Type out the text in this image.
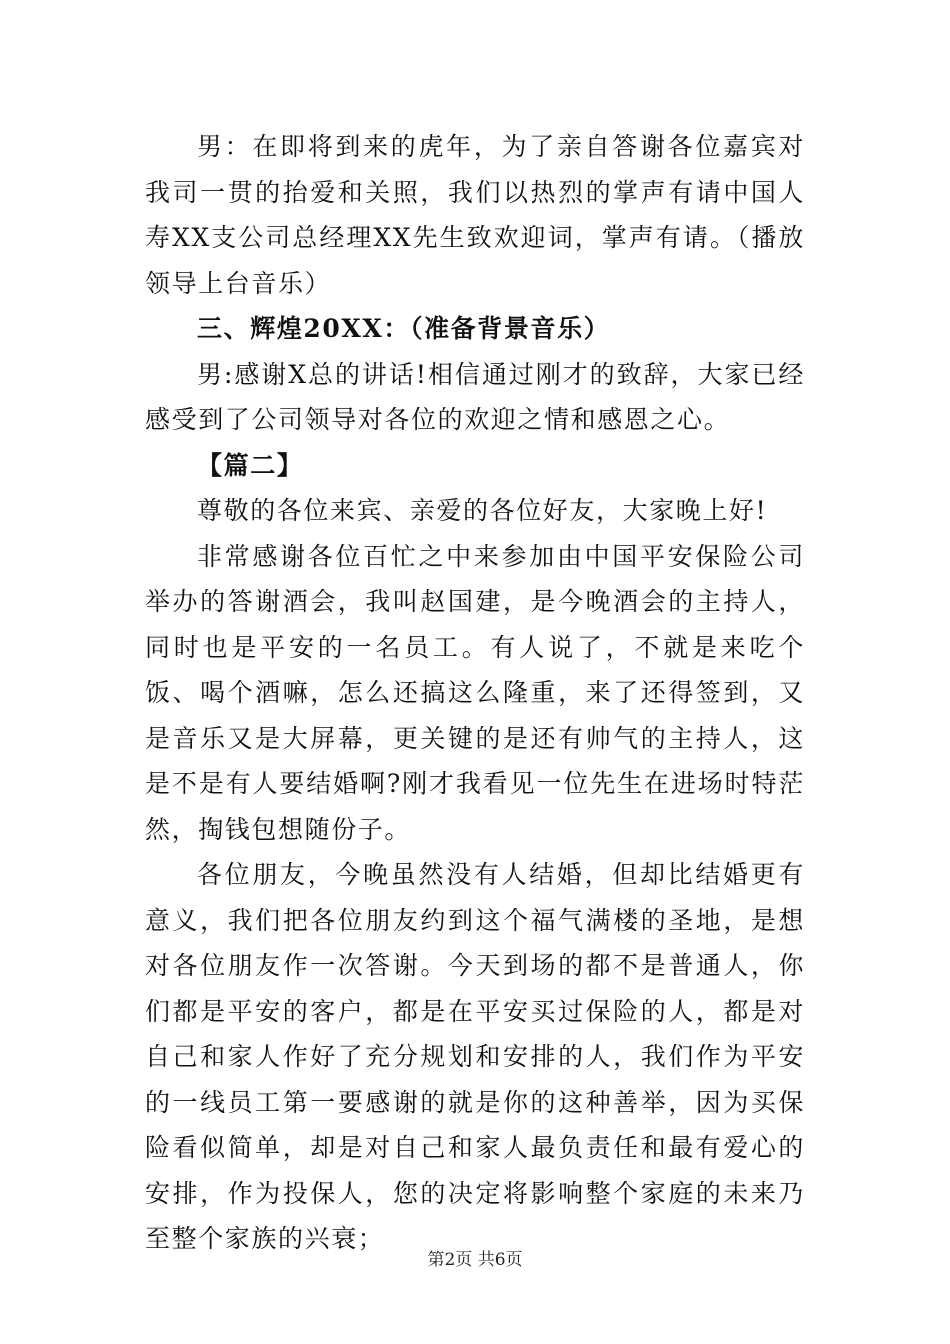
男：在即将到来的虎年，为了亲自答谢各位嘉宾对我司一贯的抬爱和关照，我们以热烈的掌声有请中国人寿XX支公司总经理XX先生致欢迎词，掌声有请。（播放领导上台音乐）

三、辉煌20XX：（准备背景音乐）

男:感谢X总的讲话!相信通过刚才的致辞，大家已经感受到了公司领导对各位的欢迎之情和感恩之心。

【篇二】

尊敬的各位来宾、亲爱的各位好友，大家晚上好!

非常感谢各位百忙之中来参加由中国平安保险公司举办的答谢酒会，我叫赵国建，是今晚酒会的主持人，同时也是平安的一名员工。有人说了，不就是来吃个饭、喝个酒嘛，怎么还搞这么隆重，来了还得签到，又是音乐又是大屏幕，更关键的是还有帅气的主持人，这是不是有人要结婚啊?刚才我看见一位先生在进场时特茫然，掏钱包想随份子。

各位朋友，今晚虽然没有人结婚，但却比结婚更有意义，我们把各位朋友约到这个福气满楼的圣地，是想对各位朋友作一次答谢。今天到场的都不是普通人，你们都是平安的客户，都是在平安买过保险的人，都是对自己和家人作好了充分规划和安排的人，我们作为平安的一线员工第一要感谢的就是你的这种善举，因为买保险看似简单，却是对自己和家人最负责任和最有爱心的安排，作为投保人，您的决定将影响整个家庭的未来乃至整个家族的兴衰；

第2页 共6页
